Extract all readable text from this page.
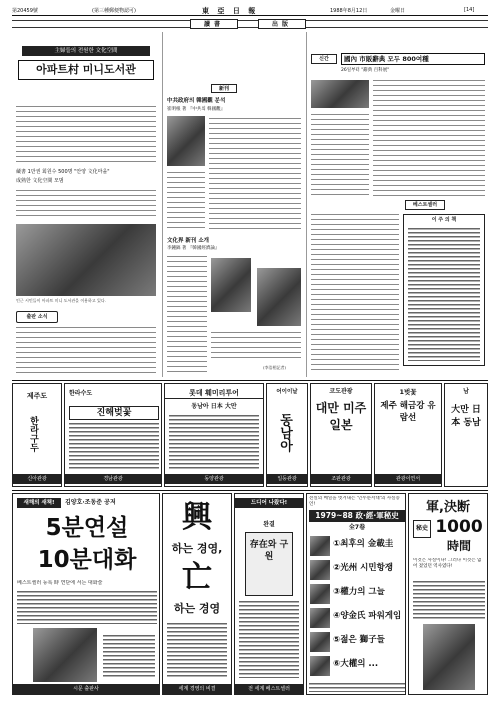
第20459號	(第三種郵便物認可)	東 亞 日 報	1988年8月12日	金曜日	[14]
讀書	出版
主婦들의 전원한 文化空間
아파트村 미니도서관
蔵書 1만권 회원수 500명 "안양 文化마을"
成熟한 文化空間 모범
인근 시민들이 아파트 미니 도서관을 이용하고 있다.
출판 소식
新刊
中共政府의 韓國觀 분석
崔明根 著 『中共의 韓國觀』
文化界 新刊 소개
李鍾鎬 著 『韓國經濟論』
(李浩相記者)
신간	國內 市販辭典 모두 800여種
26일부터 "辭典 百科展"
베스트셀러
이 주 의 책
제주도
한라구두
신아관광
한라수도
진해벚꽃
경남관광
롯데 훼미리투어
동남아 日本 大만
동양관광
어이이날
동남아
일등관광
코도관광
대만 미주 일본
조판관광
1벚꽃
제주 해금강 유람선
관광이연서
남
大만 日本 동남
새해의 새책!	김양호·조동준 공저
5분연설
10분대화
베스트셀러 등록 時 연단에 서는 대화술
시문 출판사
興
하는 경영,
亡
하는 경영
세계 경영의 비결
드디어 나왔다!
완결
存在와 구원
전 세계 베스트셀러
전실의 베일을 벗겨내는 '인두룬서대'의 사실증언!
1979~88 政·經·軍秘史
全7卷
①최후의 金載圭
②光州 시민항쟁
③權力의 그늘
④양金氏 파워게임
⑤젊은 獅子들
⑥大權의 ...
軍,決断
秘史 1000
時間
이것은 사실이다! 그러나 이것은 없어 졌었던 역사였다!
